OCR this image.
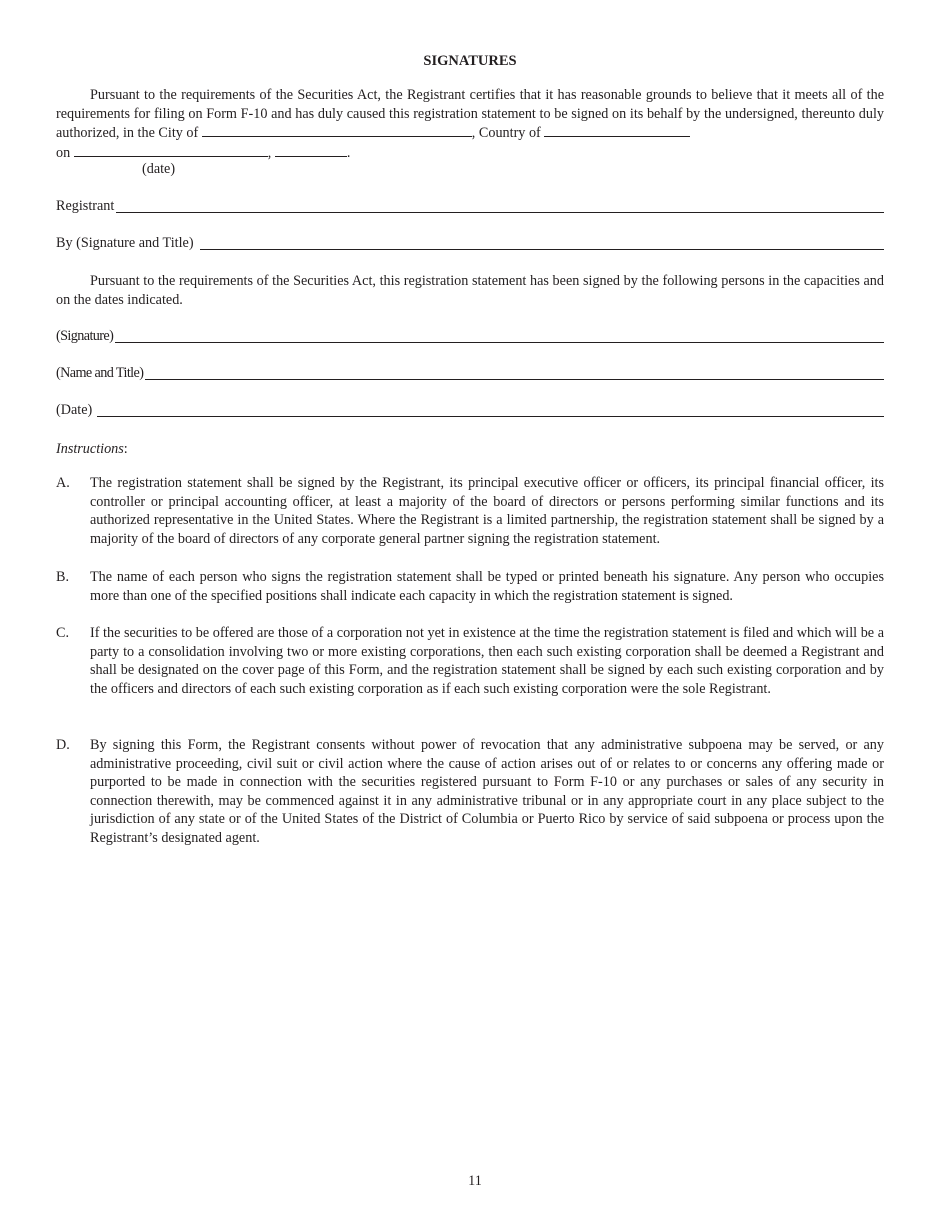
SIGNATURES
Pursuant to the requirements of the Securities Act, the Registrant certifies that it has reasonable grounds to believe that it meets all of the requirements for filing on Form F-10 and has duly caused this registration statement to be signed on its behalf by the undersigned, thereunto duly authorized, in the City of	, Country of
on	,	.
(date)
Registrant
By (Signature and Title)
Pursuant to the requirements of the Securities Act, this registration statement has been signed by the following persons in the capacities and on the dates indicated.
(Signature)
(Name and Title)
(Date)
Instructions:
A.	The registration statement shall be signed by the Registrant, its principal executive officer or officers, its principal financial officer, its controller or principal accounting officer, at least a majority of the board of directors or persons performing similar functions and its authorized representative in the United States. Where the Registrant is a limited partnership, the registration statement shall be signed by a majority of the board of directors of any corporate general partner signing the registration statement.
B.	The name of each person who signs the registration statement shall be typed or printed beneath his signature. Any person who occupies more than one of the specified positions shall indicate each capacity in which the registration statement is signed.
C.	If the securities to be offered are those of a corporation not yet in existence at the time the registration statement is filed and which will be a party to a consolidation involving two or more existing corporations, then each such existing corporation shall be deemed a Registrant and shall be designated on the cover page of this Form, and the registration statement shall be signed by each such existing corporation and by the officers and directors of each such existing corporation as if each such existing corporation were the sole Registrant.
D.	By signing this Form, the Registrant consents without power of revocation that any administrative subpoena may be served, or any administrative proceeding, civil suit or civil action where the cause of action arises out of or relates to or concerns any offering made or purported to be made in connection with the securities registered pursuant to Form F-10 or any purchases or sales of any security in connection therewith, may be commenced against it in any administrative tribunal or in any appropriate court in any place subject to the jurisdiction of any state or of the United States of the District of Columbia or Puerto Rico by service of said subpoena or process upon the Registrant’s designated agent.
11
